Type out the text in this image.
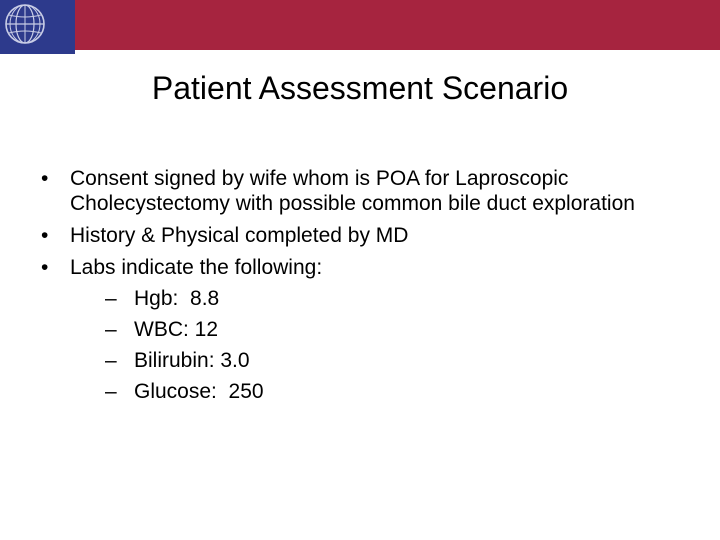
Patient Assessment Scenario
• Consent signed by wife whom is POA for Laproscopic Cholecystectomy with possible common bile duct exploration
• History & Physical completed by MD
• Labs indicate the following:
– Hgb:  8.8
– WBC: 12
– Bilirubin: 3.0
– Glucose:  250
